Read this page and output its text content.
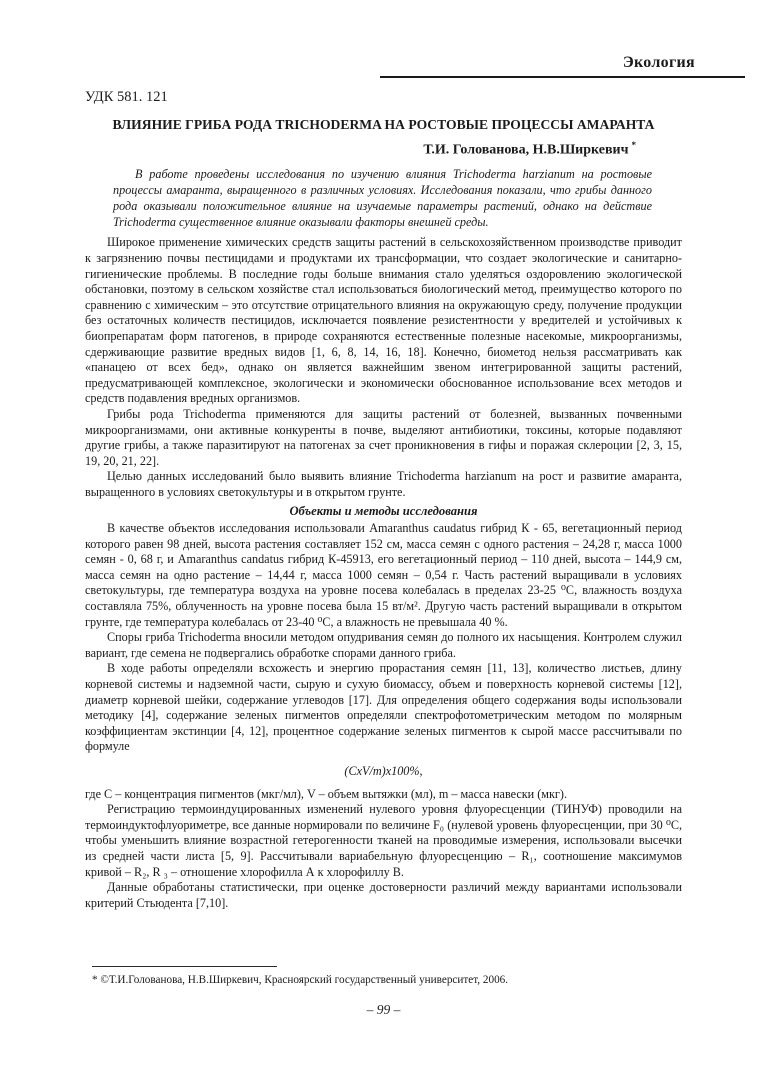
Экология
УДК 581. 121
ВЛИЯНИЕ ГРИБА РОДА TRICHODERMA НА РОСТОВЫЕ ПРОЦЕССЫ АМАРАНТА
Т.И. Голованова, Н.В.Ширкевич *

В работе проведены исследования по изучению влияния Trichoderma harzianum на ростовые процессы амаранта, выращенного в различных условиях. Исследования показали, что грибы данного рода оказывали положительное влияние на изучаемые параметры растений, однако на действие Trichoderma существенное влияние оказывали факторы внешней среды.

Широкое применение химических средств защиты растений в сельскохозяйственном производстве приводит к загрязнению почвы пестицидами и продуктами их трансформации, что создает экологические и санитарно-гигиенические проблемы. В последние годы больше внимания стало уделяться оздоровлению экологической обстановки, поэтому в сельском хозяйстве стал использоваться биологический метод, преимущество которого по сравнению с химическим – это отсутствие отрицательного влияния на окружающую среду, получение продукции без остаточных количеств пестицидов, исключается появление резистентности у вредителей и устойчивых к биопрепаратам форм патогенов, в природе сохраняются естественные полезные насекомые, микроорганизмы, сдерживающие развитие вредных видов [1, 6, 8, 14, 16, 18]. Конечно, биометод нельзя рассматривать как «панацею от всех бед», однако он является важнейшим звеном интегрированной защиты растений, предусматривающей комплексное, экологически и экономически обоснованное использование всех методов и средств подавления вредных организмов.

Грибы рода Trichoderma применяются для защиты растений от болезней, вызванных почвенными микроорганизмами, они активные конкуренты в почве, выделяют антибиотики, токсины, которые подавляют другие грибы, а также паразитируют на патогенах за счет проникновения в гифы и поражая склероции [2, 3, 15, 19, 20, 21, 22].

Целью данных исследований было выявить влияние Trichoderma harzianum на рост и развитие амаранта, выращенного в условиях светокультуры и в открытом грунте.

Объекты и методы исследования

В качестве объектов исследования использовали Amaranthus caudatus гибрид К - 65, вегетационный период которого равен 98 дней, высота растения составляет 152 см, масса семян с одного растения – 24,28 г, масса 1000 семян - 0, 68 г, и Amaranthus candatus гибрид К-45913, его вегетационный период – 110 дней, высота – 144,9 см, масса семян на одно растение – 14,44 г, масса 1000 семян – 0,54 г. Часть растений выращивали в условиях светокультуры, где температура воздуха на уровне посева колебалась в пределах 23-25 ⁰С, влажность воздуха составляла 75%, облученность на уровне посева была 15 вт/м². Другую часть растений выращивали в открытом грунте, где температура колебалась от 23-40 ⁰С, а влажность не превышала 40 %.

Споры гриба Trichoderma вносили методом опудривания семян до полного их насыщения. Контролем служил вариант, где семена не подвергались обработке спорами данного гриба.

В ходе работы определяли всхожесть и энергию прорастания семян [11, 13], количество листьев, длину корневой системы и надземной части, сырую и сухую биомассу, объем и поверхность корневой системы [12], диаметр корневой шейки, содержание углеводов [17]. Для определения общего содержания воды использовали методику [4], содержание зеленых пигментов определяли спектрофотометрическим методом по молярным коэффициентам экстинции [4, 12], процентное содержание зеленых пигментов к сырой массе рассчитывали по формуле

(CxV/m)x100%,

где С – концентрация пигментов (мкг/мл), V – объем вытяжки (мл), m – масса навески (мкг).

Регистрацию термоиндуцированных изменений нулевого уровня флуоресценции (ТИНУФ) проводили на термоиндуктофлуориметре, все данные нормировали по величине F₀ (нулевой уровень флуоресценции, при 30 ⁰С, чтобы уменьшить влияние возрастной гетерогенности тканей на проводимые измерения, использовали высечки из средней части листа [5, 9]. Рассчитывали вариабельную флуоресценцию – R₁, соотношение максимумов кривой – R₂, R ₃ – отношение хлорофилла А к хлорофиллу В.

Данные обработаны статистически, при оценке достоверности различий между вариантами использовали критерий Стьюдента [7,10].

* ©Т.И.Голованова, Н.В.Ширкевич, Красноярский государственный университет, 2006.
– 99 –
